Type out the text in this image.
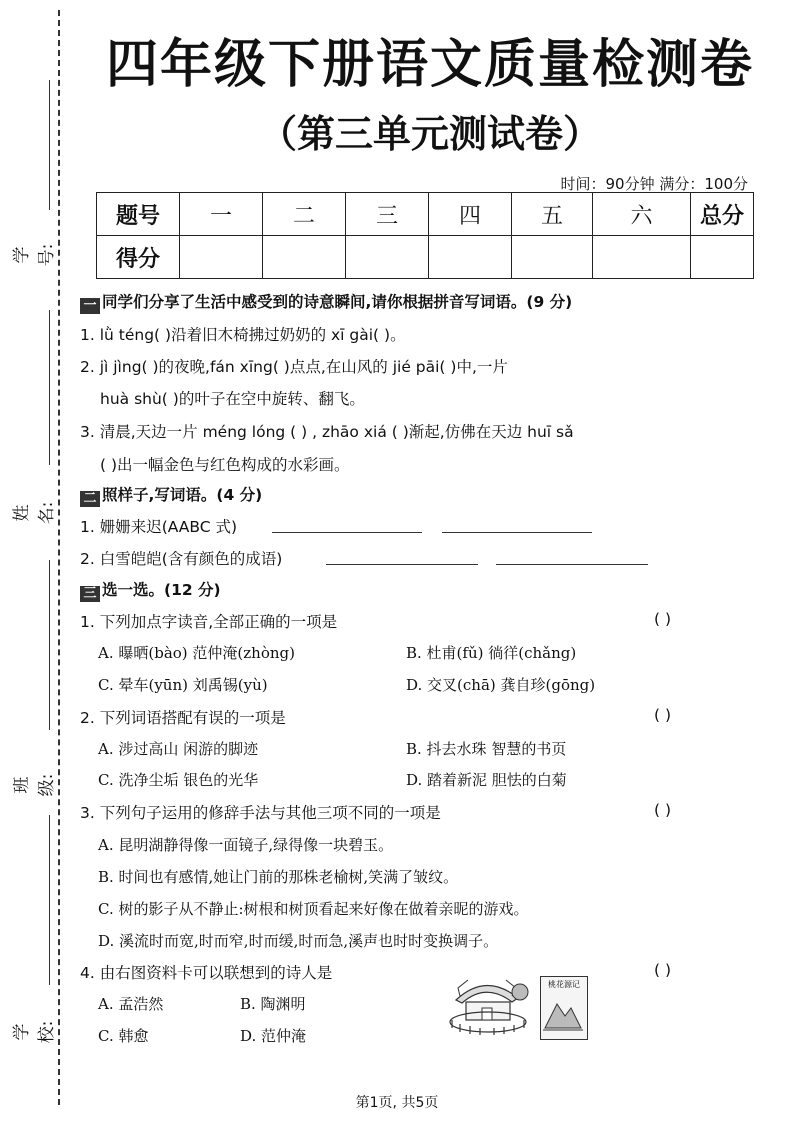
学号:
姓名:
班级:
学校:
四年级下册语文质量检测卷
（第三单元测试卷）
时间：90分钟 满分：100分
题号	一	二	三	四	五	六	总分
得分							
一 同学们分享了生活中感受到的诗意瞬间,请你根据拼音写词语。(9 分)
1. lǜ téng( )沿着旧木椅拂过奶奶的 xī gài( )。
2. jì jìng( )的夜晚,fán xīng( )点点,在山风的 jié pāi( )中,一片
huà shù( )的叶子在空中旋转、翻飞。
3. 清晨,天边一片 méng lóng ( ) , zhāo xiá ( )渐起,仿佛在天边 huī sǎ
( )出一幅金色与红色构成的水彩画。
二 照样子,写词语。(4 分)
1. 姗姗来迟(AABC 式)
2. 白雪皑皑(含有颜色的成语)
三 选一选。(12 分)
1. 下列加点字读音,全部正确的一项是	( )
A. 曝晒(bào) 范仲淹(zhòng)	B. 杜甫(fǔ) 徜徉(chǎng)
C. 晕车(yūn) 刘禹锡(yù)	D. 交叉(chā) 龚自珍(gōng)
2. 下列词语搭配有误的一项是	( )
A. 涉过高山 闲游的脚迹	B. 抖去水珠 智慧的书页
C. 洗净尘垢 银色的光华	D. 踏着新泥 胆怯的白菊
3. 下列句子运用的修辞手法与其他三项不同的一项是	( )
A. 昆明湖静得像一面镜子,绿得像一块碧玉。
B. 时间也有感情,她让门前的那株老榆树,笑满了皱纹。
C. 树的影子从不静止:树根和树顶看起来好像在做着亲昵的游戏。
D. 溪流时而宽,时而窄,时而缓,时而急,溪声也时时变换调子。
4. 由右图资料卡可以联想到的诗人是	( )
A. 孟浩然	B. 陶渊明
C. 韩愈	D. 范仲淹
桃花源记
第1页, 共5页
